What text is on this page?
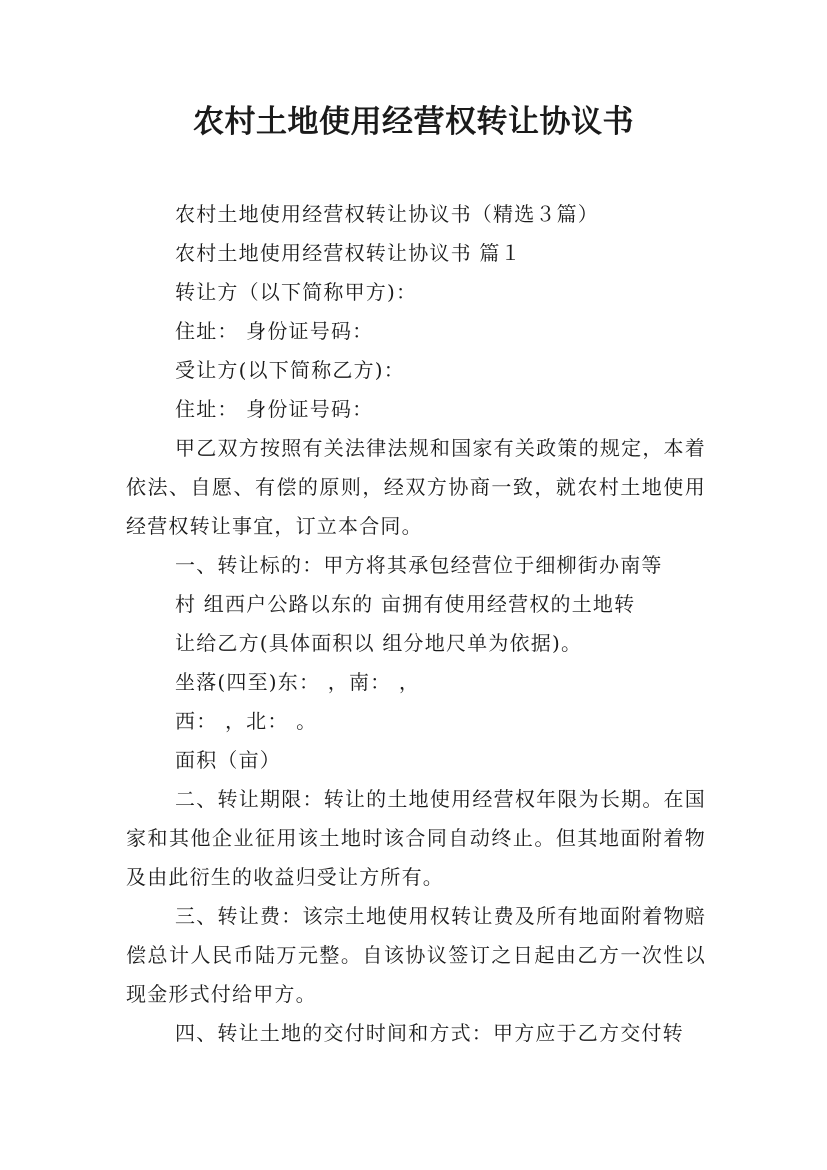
农村土地使用经营权转让协议书

农村土地使用经营权转让协议书（精选３篇）

农村土地使用经营权转让协议书 篇１

转让方（以下简称甲方)：

住址： 身份证号码：

受让方(以下简称乙方)：

住址： 身份证号码：

甲乙双方按照有关法律法规和国家有关政策的规定，本着依法、自愿、有偿的原则，经双方协商一致，就农村土地使用经营权转让事宜，订立本合同。

一、转让标的：甲方将其承包经营位于细柳街办南等

村 组西户公路以东的 亩拥有使用经营权的土地转

让给乙方(具体面积以 组分地尺单为依据)。

坐落(四至)东： ，南： ，

西： ，北： 。

面积（亩）

二、转让期限：转让的土地使用经营权年限为长期。在国家和其他企业征用该土地时该合同自动终止。但其地面附着物及由此衍生的收益归受让方所有。

三、转让费：该宗土地使用权转让费及所有地面附着物赔偿总计人民币陆万元整。自该协议签订之日起由乙方一次性以现金形式付给甲方。

四、转让土地的交付时间和方式：甲方应于乙方交付转
